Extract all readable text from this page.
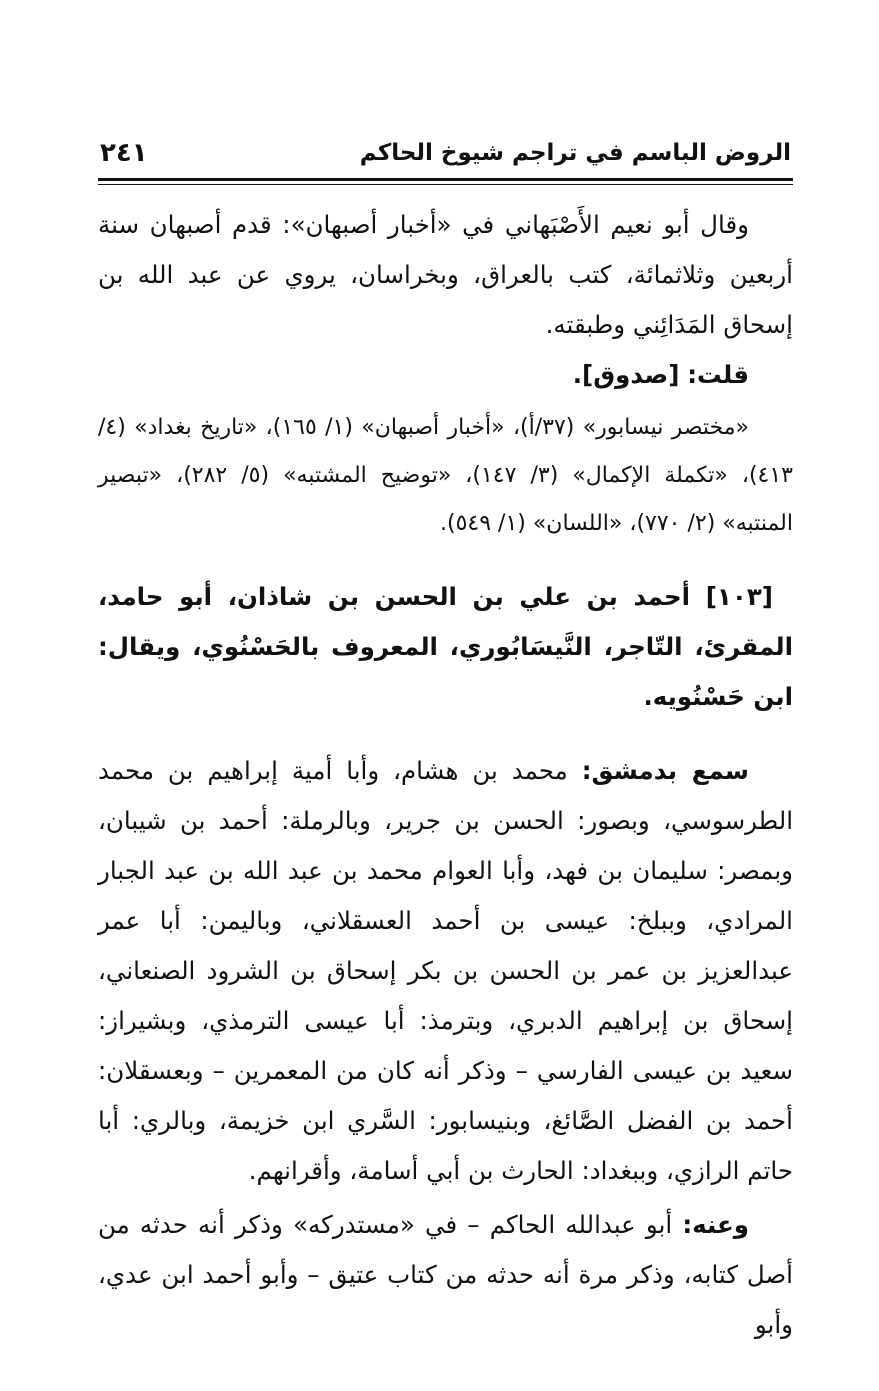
الروض الباسم في تراجم شيوخ الحاكم
٢٤١

وقال أبو نعيم الأَصْبَهاني في «أخبار أصبهان»: قدم أصبهان سنة أربعين وثلاثمائة، كتب بالعراق، وبخراسان، يروي عن عبد الله بن إسحاق المَدَائِني وطبقته.

قلت: [صدوق].

«مختصر نيسابور» (٣٧/أ)، «أخبار أصبهان» (١/ ١٦٥)، «تاريخ بغداد» (٤/ ٤١٣)، «تكملة الإكمال» (٣/ ١٤٧)، «توضيح المشتبه» (٥/ ٢٨٢)، «تبصير المنتبه» (٢/ ٧٧٠)، «اللسان» (١/ ٥٤٩).

[١٠٣] أحمد بن علي بن الحسن بن شاذان، أبو حامد، المقرئ، التّاجر، النَّيسَابُوري، المعروف بالحَسْنُوي، ويقال: ابن حَسْنُويه.

سمع بدمشق: محمد بن هشام، وأبا أمية إبراهيم بن محمد الطرسوسي، وبصور: الحسن بن جرير، وبالرملة: أحمد بن شيبان، وبمصر: سليمان بن فهد، وأبا العوام محمد بن عبد الله بن عبد الجبار المرادي، وببلخ: عيسى بن أحمد العسقلاني، وباليمن: أبا عمر عبدالعزيز بن عمر بن الحسن بن بكر إسحاق بن الشرود الصنعاني، إسحاق بن إبراهيم الدبري، وبترمذ: أبا عيسى الترمذي، وبشيراز: سعيد بن عيسى الفارسي – وذكر أنه كان من المعمرين – وبعسقلان: أحمد بن الفضل الصَّائغ، وبنيسابور: السَّري ابن خزيمة، وبالري: أبا حاتم الرازي، وببغداد: الحارث بن أبي أسامة، وأقرانهم.

وعنه: أبو عبدالله الحاكم – في «مستدركه» وذكر أنه حدثه من أصل كتابه، وذكر مرة أنه حدثه من كتاب عتيق – وأبو أحمد ابن عدي، وأبو
